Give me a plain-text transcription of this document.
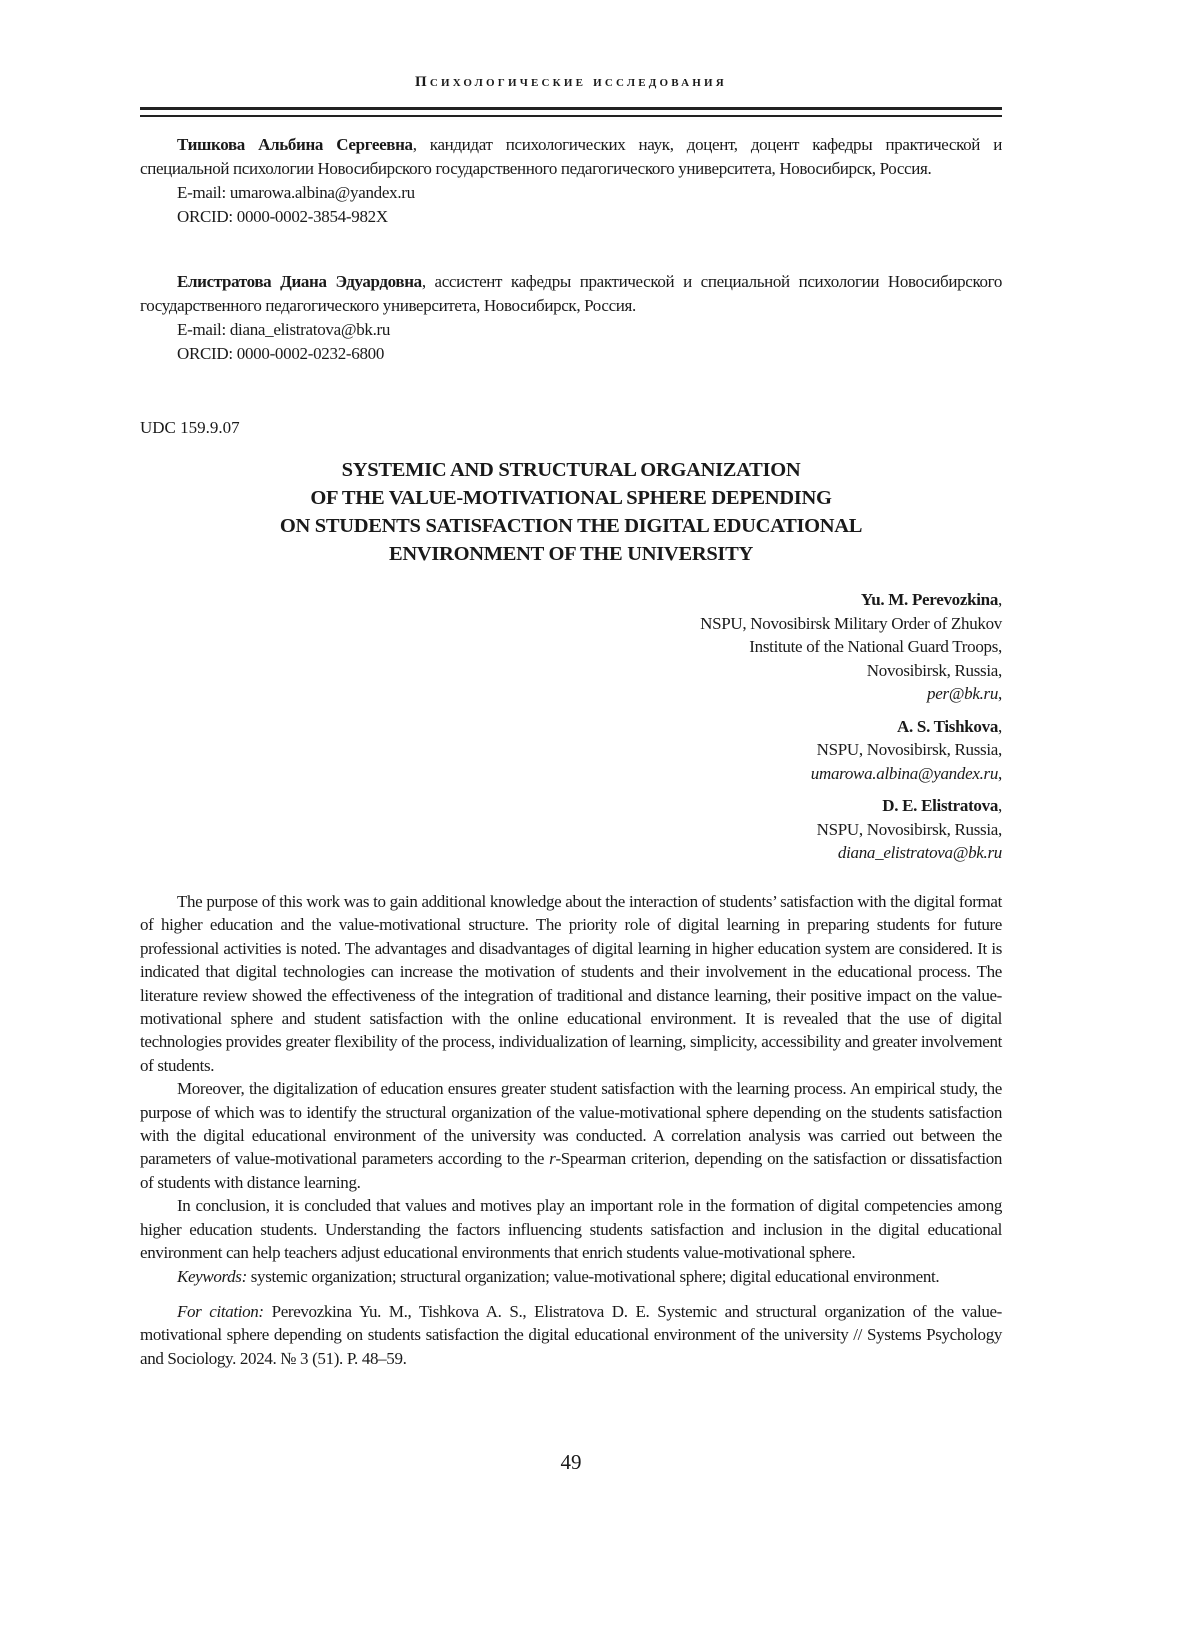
Психологические исследования

Тишкова Альбина Сергеевна, кандидат психологических наук, доцент, доцент кафедры практической и специальной психологии Новосибирского государственного педагогического университета, Новосибирск, Россия.

E-mail: umarowa.albina@yandex.ru
ORCID: 0000-0002-3854-982X

Елистратова Диана Эдуардовна, ассистент кафедры практической и специальной психологии Новосибирского государственного педагогического университета, Новосибирск, Россия.

E-mail: diana_elistratova@bk.ru
ORCID: 0000-0002-0232-6800
UDC 159.9.07
SYSTEMIC AND STRUCTURAL ORGANIZATION
OF THE VALUE-MOTIVATIONAL SPHERE DEPENDING
ON STUDENTS SATISFACTION THE DIGITAL EDUCATIONAL
ENVIRONMENT OF THE UNIVERSITY
Yu. M. Perevozkina,
NSPU, Novosibirsk Military Order of Zhukov
Institute of the National Guard Troops,
Novosibirsk, Russia,
per@bk.ru,
A. S. Tishkova,
NSPU, Novosibirsk, Russia,
umarowa.albina@yandex.ru,
D. E. Elistratova,
NSPU, Novosibirsk, Russia,
diana_elistratova@bk.ru

The purpose of this work was to gain additional knowledge about the interaction of students’ satisfaction with the digital format of higher education and the value-motivational structure. The priority role of digital learning in preparing students for future professional activities is noted. The advantages and disadvantages of digital learning in higher education system are considered. It is indicated that digital technologies can increase the motivation of students and their involvement in the educational process. The literature review showed the effectiveness of the integration of traditional and distance learning, their positive impact on the value-motivational sphere and student satisfaction with the online educational environment. It is revealed that the use of digital technologies provides greater flexibility of the process, individualization of learning, simplicity, accessibility and greater involvement of students.

Moreover, the digitalization of education ensures greater student satisfaction with the learning process. An empirical study, the purpose of which was to identify the structural organization of the value-motivational sphere depending on the students satisfaction with the digital educational environment of the university was conducted. A correlation analysis was carried out between the parameters of value-motivational parameters according to the r-Spearman criterion, depending on the satisfaction or dissatisfaction of students with distance learning.

In conclusion, it is concluded that values and motives play an important role in the formation of digital competencies among higher education students. Understanding the factors influencing students satisfaction and inclusion in the digital educational environment can help teachers adjust educational environments that enrich students value-motivational sphere.

Keywords: systemic organization; structural organization; value-motivational sphere; digital educational environment.

For citation: Perevozkina Yu. M., Tishkova A. S., Elistratova D. E. Systemic and structural organization of the value-motivational sphere depending on students satisfaction the digital educational environment of the university // Systems Psychology and Sociology. 2024. № 3 (51). P. 48–59.

49
